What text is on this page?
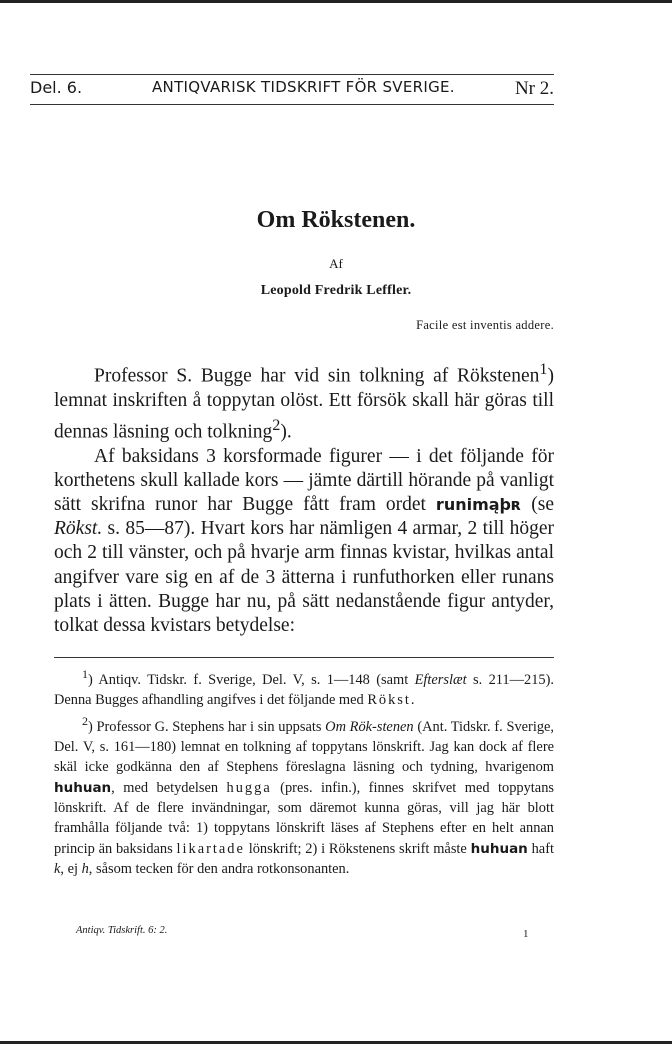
Del. 6.	ANTIQVARISK TIDSKRIFT FÖR SVERIGE.	Nr 2.
Om Rökstenen.
Af
Leopold Fredrik Leffler.
Facile est inventis addere.

Professor S. Bugge har vid sin tolkning af Rökstenen$^1$) lemnat inskriften å toppytan olöst. Ett försök skall här göras till dennas läsning och tolkning$^2$).

Af baksidans 3 korsformade figurer — i det följande för korthetens skull kallade kors — jämte därtill hörande på vanligt sätt skrifna runor har Bugge fått fram ordet runimąþʀ (se Rökst. s. 85—87). Hvart kors har nämligen 4 armar, 2 till höger och 2 till vänster, och på hvarje arm finnas kvistar, hvilkas antal angifver vare sig en af de 3 ätterna i runfuthorken eller runans plats i ätten. Bugge har nu, på sätt nedanstående figur antyder, tolkat dessa kvistars betydelse:

$^1$) Antiqv. Tidskr. f. Sverige, Del. V, s. 1—148 (samt Efterslæt s. 211—215). Denna Bugges afhandling angifves i det följande med Rökst.

$^2$) Professor G. Stephens har i sin uppsats Om Rök-stenen (Ant. Tidskr. f. Sverige, Del. V, s. 161—180) lemnat en tolkning af toppytans lönskrift. Jag kan dock af flere skäl icke godkänna den af Stephens föreslagna läsning och tydning, hvarigenom huhuan, med betydelsen hugga (pres. infin.), finnes skrifvet med toppytans lönskrift. Af de flere invändningar, som däremot kunna göras, vill jag här blott framhålla följande två: 1) toppytans lönskrift läses af Stephens efter en helt annan princip än baksidans likartade lönskrift; 2) i Rökstenens skrift måste huhuan haft k, ej h, såsom tecken för den andra rotkonsonanten.

Antiqv. Tidskrift. 6: 2.	1
